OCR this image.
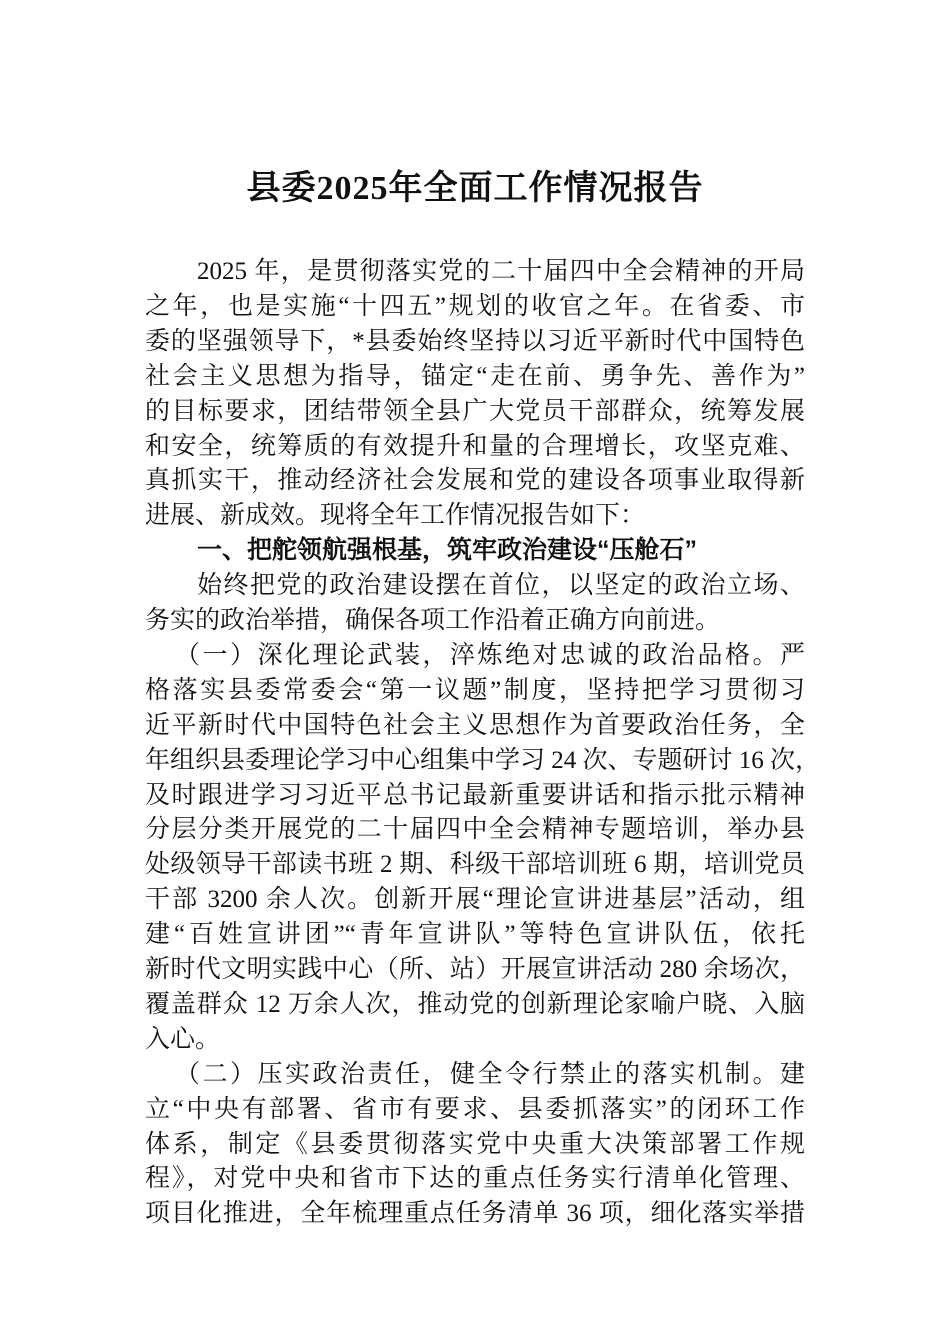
县委2025年全面工作情况报告
2025 年，是贯彻落实党的二十届四中全会精神的开局
之年，也是实施“十四五”规划的收官之年。在省委、市
委的坚强领导下，*县委始终坚持以习近平新时代中国特色
社会主义思想为指导，锚定“走在前、勇争先、善作为”
的目标要求，团结带领全县广大党员干部群众，统筹发展
和安全，统筹质的有效提升和量的合理增长，攻坚克难、
真抓实干，推动经济社会发展和党的建设各项事业取得新
进展、新成效。现将全年工作情况报告如下：
一、把舵领航强根基，筑牢政治建设“压舱石”
始终把党的政治建设摆在首位，以坚定的政治立场、
务实的政治举措，确保各项工作沿着正确方向前进。
（一）深化理论武装，淬炼绝对忠诚的政治品格。严
格落实县委常委会“第一议题”制度，坚持把学习贯彻习
近平新时代中国特色社会主义思想作为首要政治任务，全
年组织县委理论学习中心组集中学习 24 次、专题研讨 16 次，
及时跟进学习习近平总书记最新重要讲话和指示批示精神
分层分类开展党的二十届四中全会精神专题培训，举办县
处级领导干部读书班 2 期、科级干部培训班 6 期，培训党员
干部 3200 余人次。创新开展“理论宣讲进基层”活动，组
建“百姓宣讲团”“青年宣讲队”等特色宣讲队伍，依托
新时代文明实践中心（所、站）开展宣讲活动 280 余场次，
覆盖群众 12 万余人次，推动党的创新理论家喻户晓、入脑
入心。
（二）压实政治责任，健全令行禁止的落实机制。建
立“中央有部署、省市有要求、县委抓落实”的闭环工作
体系，制定《县委贯彻落实党中央重大决策部署工作规
程》，对党中央和省市下达的重点任务实行清单化管理、
项目化推进，全年梳理重点任务清单 36 项，细化落实举措
